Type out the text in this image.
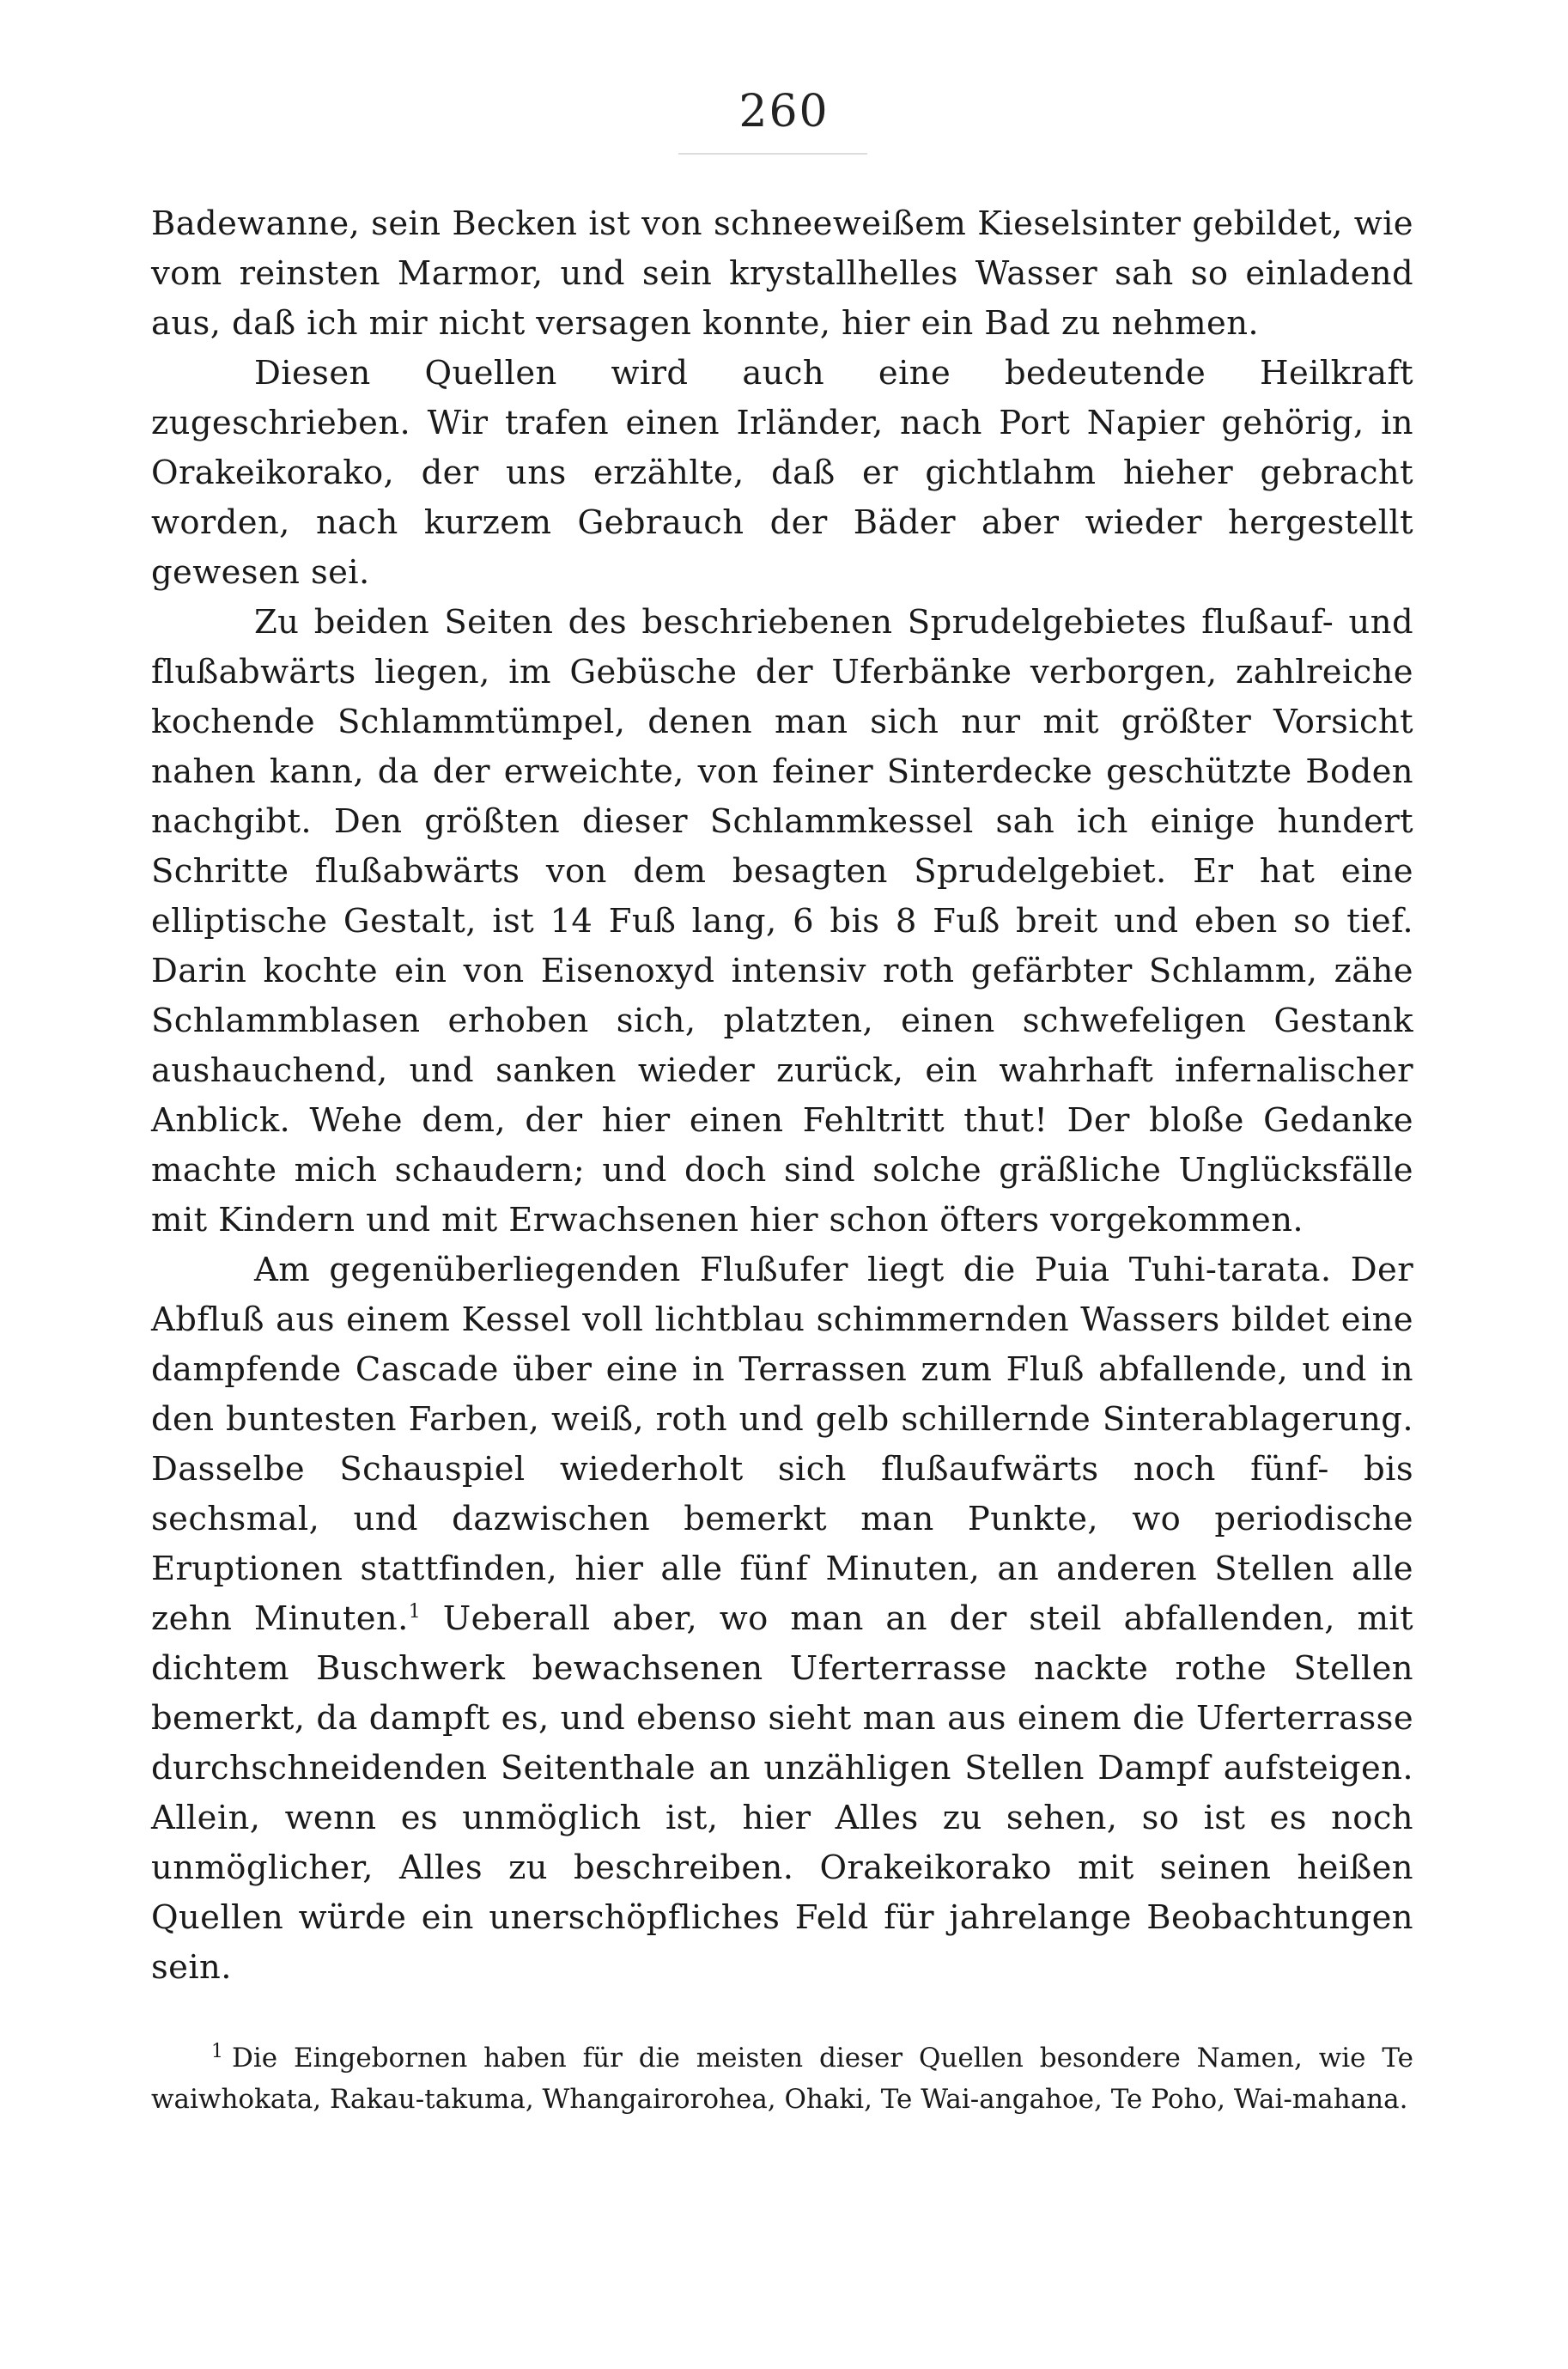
260

Badewanne, sein Becken ist von schneeweißem Kieselsinter gebildet, wie vom reinsten Marmor, und sein krystallhelles Wasser sah so einladend aus, daß ich mir nicht versagen konnte, hier ein Bad zu nehmen.

Diesen Quellen wird auch eine bedeutende Heilkraft zugeschrieben. Wir trafen einen Irländer, nach Port Napier gehörig, in Orakeikorako, der uns erzählte, daß er gichtlahm hieher gebracht worden, nach kurzem Gebrauch der Bäder aber wieder hergestellt gewesen sei.

Zu beiden Seiten des beschriebenen Sprudelgebietes flußauf- und flußabwärts liegen, im Gebüsche der Uferbänke verborgen, zahlreiche kochende Schlammtümpel, denen man sich nur mit größter Vorsicht nahen kann, da der erweichte, von feiner Sinterdecke geschützte Boden nachgibt. Den größten dieser Schlammkessel sah ich einige hundert Schritte flußabwärts von dem besagten Sprudelgebiet. Er hat eine elliptische Gestalt, ist 14 Fuß lang, 6 bis 8 Fuß breit und eben so tief. Darin kochte ein von Eisenoxyd intensiv roth gefärbter Schlamm, zähe Schlammblasen erhoben sich, platzten, einen schwefeligen Gestank aushauchend, und sanken wieder zurück, ein wahrhaft infernalischer Anblick. Wehe dem, der hier einen Fehltritt thut! Der bloße Gedanke machte mich schaudern; und doch sind solche gräßliche Unglücksfälle mit Kindern und mit Erwachsenen hier schon öfters vorgekommen.

Am gegenüberliegenden Flußufer liegt die Puia Tuhi-tarata. Der Abfluß aus einem Kessel voll lichtblau schimmernden Wassers bildet eine dampfende Cascade über eine in Terrassen zum Fluß abfallende, und in den buntesten Farben, weiß, roth und gelb schillernde Sinterablagerung. Dasselbe Schauspiel wiederholt sich flußaufwärts noch fünf- bis sechsmal, und dazwischen bemerkt man Punkte, wo periodische Eruptionen stattfinden, hier alle fünf Minuten, an anderen Stellen alle zehn Minuten.$^1$ Ueberall aber, wo man an der steil abfallenden, mit dichtem Buschwerk bewachsenen Uferterrasse nackte rothe Stellen bemerkt, da dampft es, und ebenso sieht man aus einem die Uferterrasse durchschneidenden Seitenthale an unzähligen Stellen Dampf aufsteigen. Allein, wenn es unmöglich ist, hier Alles zu sehen, so ist es noch unmöglicher, Alles zu beschreiben. Orakeikorako mit seinen heißen Quellen würde ein unerschöpfliches Feld für jahrelange Beobachtungen sein.

$^1$ Die Eingebornen haben für die meisten dieser Quellen besondere Namen, wie Te waiwhokata, Rakau-takuma, Whangairorohea, Ohaki, Te Wai-angahoe, Te Poho, Wai-mahana.
